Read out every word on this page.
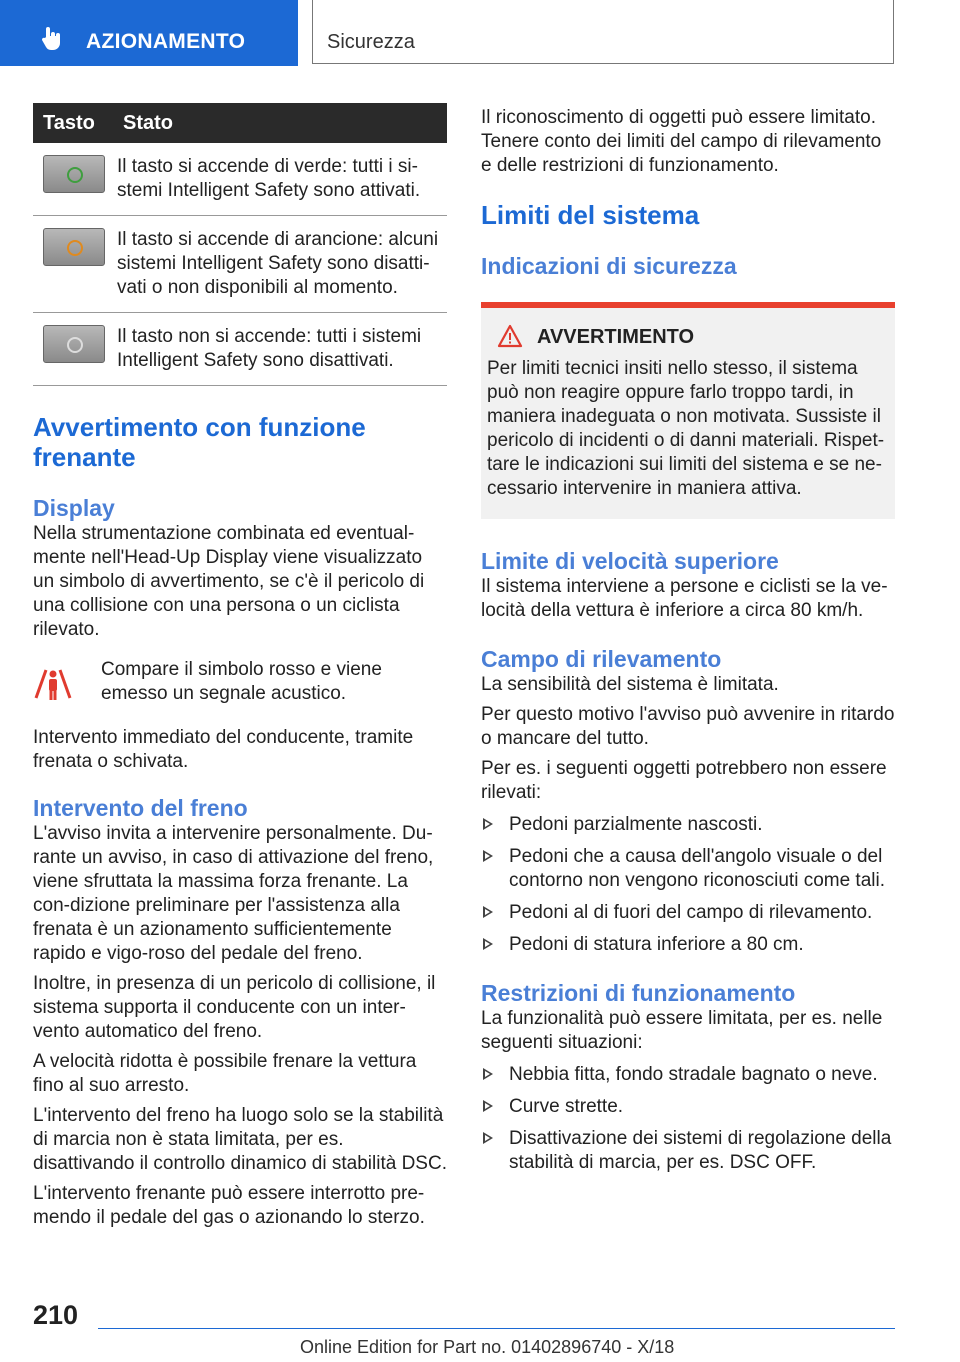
AZIONAMENTO	Sicurezza
Tasto	Stato

	Il tasto si accende di verde: tutti i si-stemi Intelligent Safety sono attivati.

	Il tasto si accende di arancione: alcuni sistemi Intelligent Safety sono disatti-vati o non disponibili al momento.

	Il tasto non si accende: tutti i sistemi Intelligent Safety sono disattivati.
Avvertimento con funzione frenante
Display

Nella strumentazione combinata ed eventual-mente nell'Head-Up Display viene visualizzato un simbolo di avvertimento, se c'è il pericolo di una collisione con una persona o un ciclista rilevato.

Compare il simbolo rosso e viene emesso un segnale acustico.

Intervento immediato del conducente, tramite frenata o schivata.

Intervento del freno

L'avviso invita a intervenire personalmente. Du-rante un avviso, in caso di attivazione del freno, viene sfruttata la massima forza frenante. La con-dizione preliminare per l'assistenza alla frenata è un azionamento sufficientemente rapido e vigo-roso del pedale del freno.

Inoltre, in presenza di un pericolo di collisione, il sistema supporta il conducente con un inter-vento automatico del freno.

A velocità ridotta è possibile frenare la vettura fino al suo arresto.

L'intervento del freno ha luogo solo se la stabilità di marcia non è stata limitata, per es. disattivando il controllo dinamico di stabilità DSC.

L'intervento frenante può essere interrotto pre-mendo il pedale del gas o azionando lo sterzo.

Il riconoscimento di oggetti può essere limitato. Tenere conto dei limiti del campo di rilevamento e delle restrizioni di funzionamento.

Limiti del sistema
Indicazioni di sicurezza
AVVERTIMENTO

Per limiti tecnici insiti nello stesso, il sistema può non reagire oppure farlo troppo tardi, in maniera inadeguata o non motivata. Sussiste il pericolo di incidenti o di danni materiali. Rispet-tare le indicazioni sui limiti del sistema e se ne-cessario intervenire in maniera attiva.

Limite di velocità superiore

Il sistema interviene a persone e ciclisti se la ve-locità della vettura è inferiore a circa 80 km/h.

Campo di rilevamento

La sensibilità del sistema è limitata.

Per questo motivo l'avviso può avvenire in ritardo o mancare del tutto.

Per es. i seguenti oggetti potrebbero non essere rilevati:

Pedoni parzialmente nascosti.
Pedoni che a causa dell'angolo visuale o del contorno non vengono riconosciuti come tali.
Pedoni al di fuori del campo di rilevamento.
Pedoni di statura inferiore a 80 cm.
Restrizioni di funzionamento

La funzionalità può essere limitata, per es. nelle seguenti situazioni:

Nebbia fitta, fondo stradale bagnato o neve.
Curve strette.
Disattivazione dei sistemi di regolazione della stabilità di marcia, per es. DSC OFF.
210
Online Edition for Part no. 01402896740 - X/18
